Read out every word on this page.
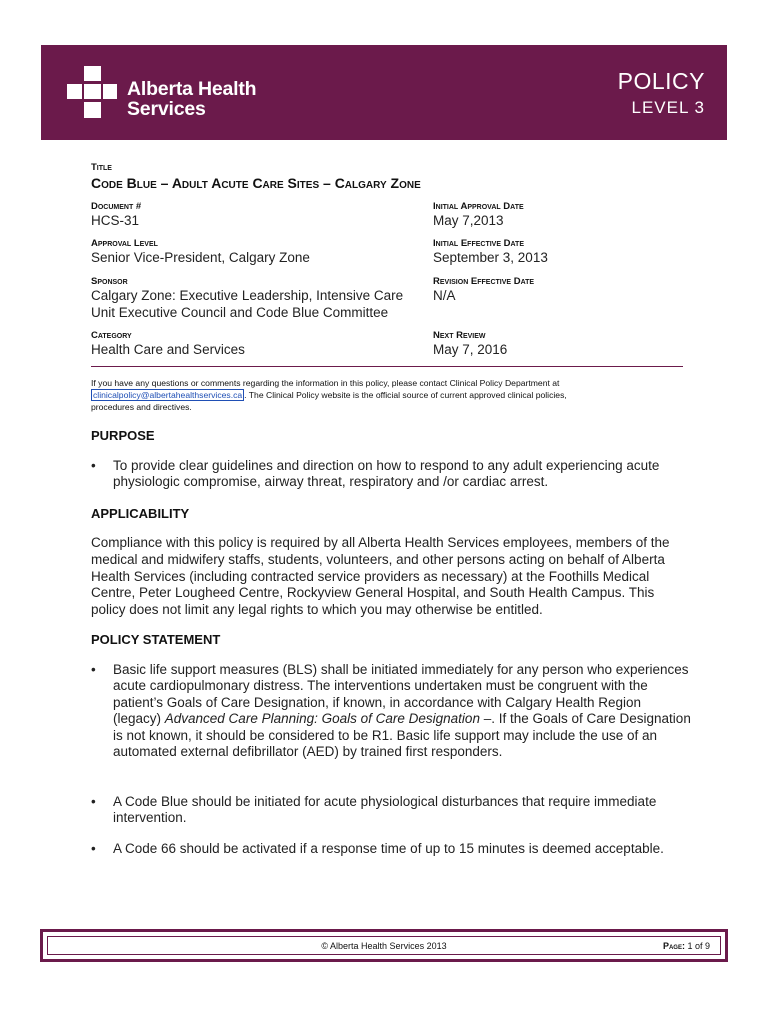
Alberta Health
Services
POLICY
LEVEL 3
Title
Code Blue – Adult Acute Care Sites – Calgary Zone
Document #
HCS-31
Approval Level
Senior Vice-President, Calgary Zone
Sponsor
Calgary Zone: Executive Leadership, Intensive Care
Unit Executive Council and Code Blue Committee
Category
Health Care and Services
Initial Approval Date
May 7,2013
Initial Effective Date
September 3, 2013
Revision Effective Date
N/A
Next Review
May 7, 2016
If you have any questions or comments regarding the information in this policy, please contact Clinical Policy Department at
clinicalpolicy@albertahealthservices.ca . The Clinical Policy website is the official source of current approved clinical policies,
procedures and directives.
PURPOSE
• To provide clear guidelines and direction on how to respond to any adult experiencing acute physiologic compromise, airway threat, respiratory and /or cardiac arrest.
APPLICABILITY
Compliance with this policy is required by all Alberta Health Services employees, members of the medical and midwifery staffs, students, volunteers, and other persons acting on behalf of Alberta Health Services (including contracted service providers as necessary) at the Foothills Medical Centre, Peter Lougheed Centre, Rockyview General Hospital, and South Health Campus. This policy does not limit any legal rights to which you may otherwise be entitled.
POLICY STATEMENT
• Basic life support measures (BLS) shall be initiated immediately for any person who experiences acute cardiopulmonary distress. The interventions undertaken must be congruent with the patient’s Goals of Care Designation, if known, in accordance with Calgary Health Region (legacy) Advanced Care Planning: Goals of Care Designation –. If the Goals of Care Designation is not known, it should be considered to be R1. Basic life support may include the use of an automated external defibrillator (AED) by trained first responders.
• A Code Blue should be initiated for acute physiological disturbances that require immediate intervention.
• A Code 66 should be activated if a response time of up to 15 minutes is deemed acceptable.
© Alberta Health Services 2013	Page: 1 of 9
